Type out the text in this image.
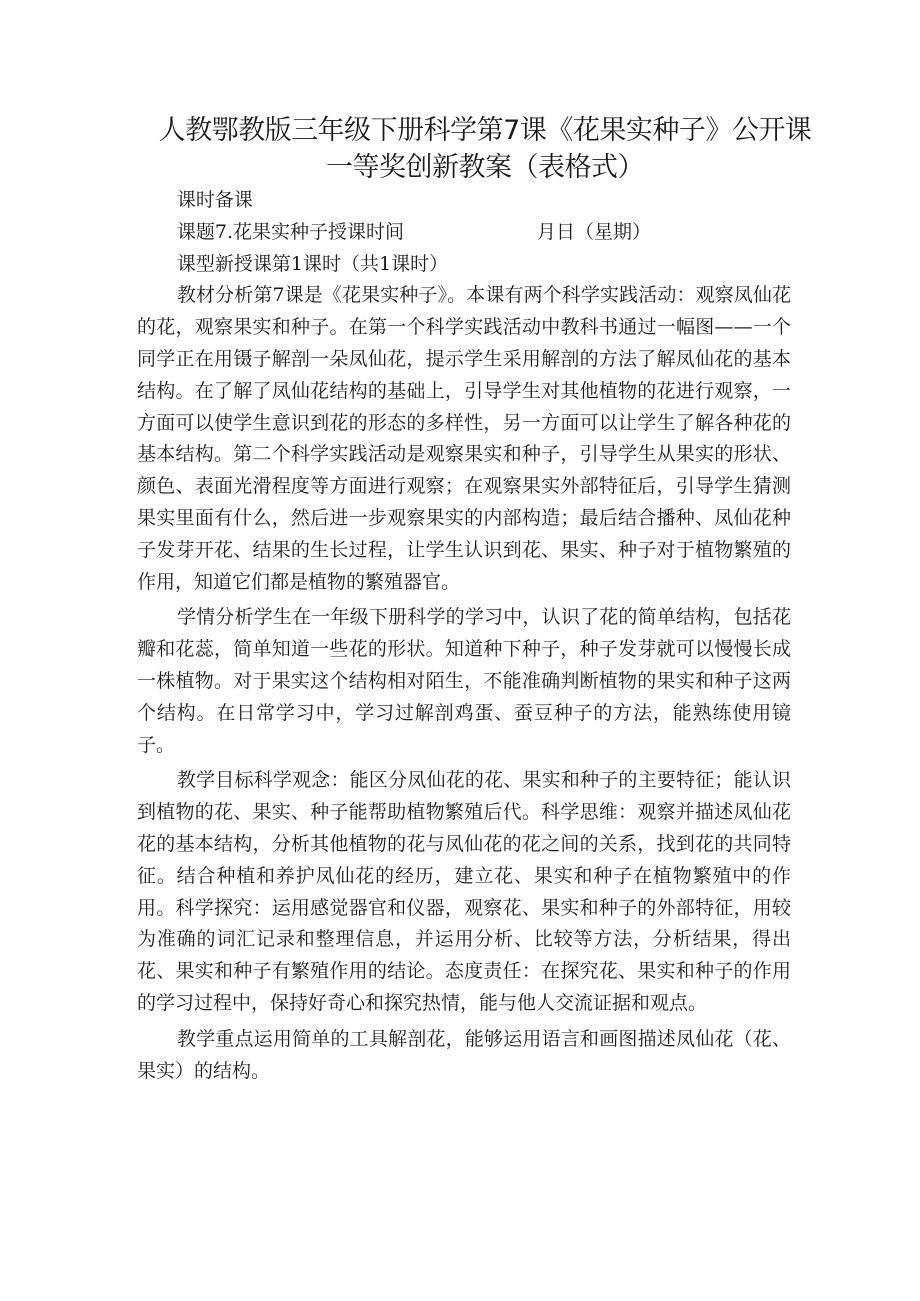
人教鄂教版三年级下册科学第7课《花果实种子》公开课
一等奖创新教案（表格式）

课时备课

课题7.花果实种子授课时间　　　　　　　月日（星期）

课型新授课第1课时（共1课时）

教材分析第7课是《花果实种子》。本课有两个科学实践活动：观察凤仙花的花，观察果实和种子。在第一个科学实践活动中教科书通过一幅图——一个同学正在用镊子解剖一朵凤仙花，提示学生采用解剖的方法了解凤仙花的基本结构。在了解了凤仙花结构的基础上，引导学生对其他植物的花进行观察，一方面可以使学生意识到花的形态的多样性，另一方面可以让学生了解各种花的基本结构。第二个科学实践活动是观察果实和种子，引导学生从果实的形状、颜色、表面光滑程度等方面进行观察；在观察果实外部特征后，引导学生猜测果实里面有什么，然后进一步观察果实的内部构造；最后结合播种、凤仙花种子发芽开花、结果的生长过程，让学生认识到花、果实、种子对于植物繁殖的作用，知道它们都是植物的繁殖器官。

学情分析学生在一年级下册科学的学习中，认识了花的简单结构，包括花瓣和花蕊，简单知道一些花的形状。知道种下种子，种子发芽就可以慢慢长成一株植物。对于果实这个结构相对陌生，不能准确判断植物的果实和种子这两个结构。在日常学习中，学习过解剖鸡蛋、蚕豆种子的方法，能熟练使用镜子。

教学目标科学观念：能区分凤仙花的花、果实和种子的主要特征；能认识到植物的花、果实、种子能帮助植物繁殖后代。科学思维：观察并描述凤仙花花的基本结构，分析其他植物的花与凤仙花的花之间的关系，找到花的共同特征。结合种植和养护凤仙花的经历，建立花、果实和种子在植物繁殖中的作用。科学探究：运用感觉器官和仪器，观察花、果实和种子的外部特征，用较为准确的词汇记录和整理信息，并运用分析、比较等方法，分析结果，得出花、果实和种子有繁殖作用的结论。态度责任：在探究花、果实和种子的作用的学习过程中，保持好奇心和探究热情，能与他人交流证据和观点。

教学重点运用简单的工具解剖花，能够运用语言和画图描述凤仙花（花、果实）的结构。
